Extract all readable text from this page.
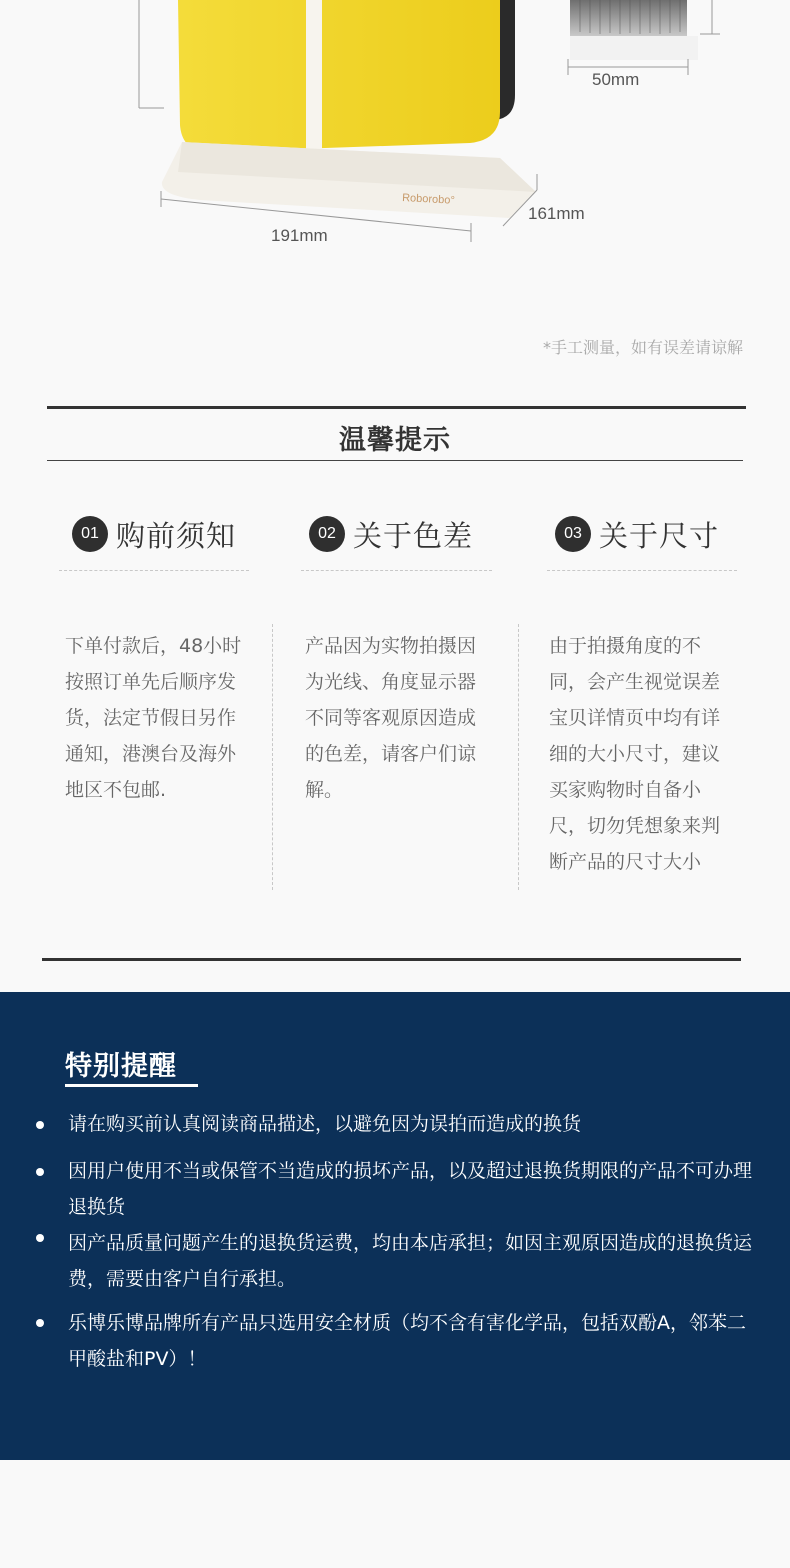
Roborobo°
50mm
161mm
191mm
*手工测量，如有误差请谅解
温馨提示
01 购前须知	02 关于色差	03 关于尺寸
下单付款后，48小时按照订单先后顺序发货，法定节假日另作通知，港澳台及海外地区不包邮.
产品因为实物拍摄因为光线、角度显示器不同等客观原因造成的色差，请客户们谅解。
由于拍摄角度的不同，会产生视觉误差宝贝详情页中均有详细的大小尺寸，建议买家购物时自备小尺，切勿凭想象来判断产品的尺寸大小
特别提醒
请在购买前认真阅读商品描述，以避免因为误拍而造成的换货
因用户使用不当或保管不当造成的损坏产品，以及超过退换货期限的产品不可办理退换货
因产品质量问题产生的退换货运费，均由本店承担；如因主观原因造成的退换货运费，需要由客户自行承担。
乐博乐博品牌所有产品只选用安全材质（均不含有害化学品，包括双酚A，邻苯二甲酸盐和PV）！
